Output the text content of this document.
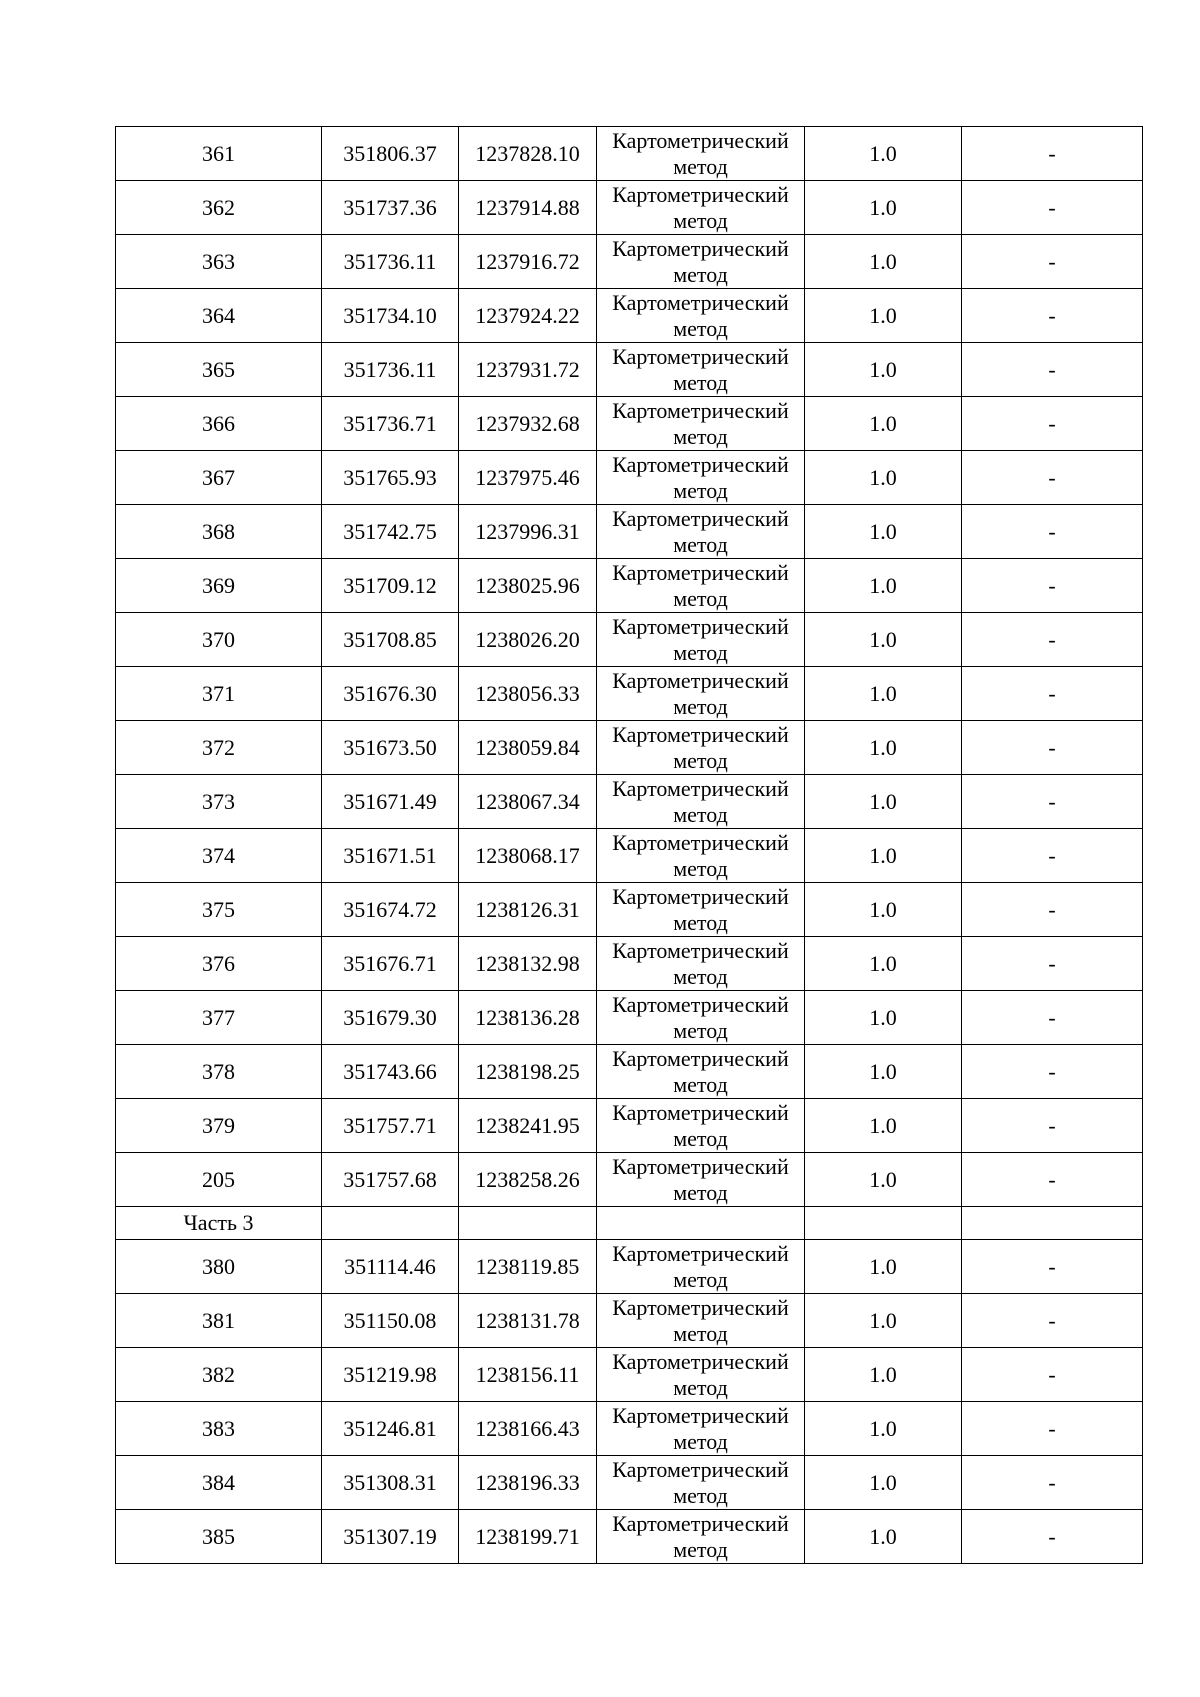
361	351806.37	1237828.10	Картометрический
метод	1.0	-
362	351737.36	1237914.88	Картометрический
метод	1.0	-
363	351736.11	1237916.72	Картометрический
метод	1.0	-
364	351734.10	1237924.22	Картометрический
метод	1.0	-
365	351736.11	1237931.72	Картометрический
метод	1.0	-
366	351736.71	1237932.68	Картометрический
метод	1.0	-
367	351765.93	1237975.46	Картометрический
метод	1.0	-
368	351742.75	1237996.31	Картометрический
метод	1.0	-
369	351709.12	1238025.96	Картометрический
метод	1.0	-
370	351708.85	1238026.20	Картометрический
метод	1.0	-
371	351676.30	1238056.33	Картометрический
метод	1.0	-
372	351673.50	1238059.84	Картометрический
метод	1.0	-
373	351671.49	1238067.34	Картометрический
метод	1.0	-
374	351671.51	1238068.17	Картометрический
метод	1.0	-
375	351674.72	1238126.31	Картометрический
метод	1.0	-
376	351676.71	1238132.98	Картометрический
метод	1.0	-
377	351679.30	1238136.28	Картометрический
метод	1.0	-
378	351743.66	1238198.25	Картометрический
метод	1.0	-
379	351757.71	1238241.95	Картометрический
метод	1.0	-
205	351757.68	1238258.26	Картометрический
метод	1.0	-
Часть 3					
380	351114.46	1238119.85	Картометрический
метод	1.0	-
381	351150.08	1238131.78	Картометрический
метод	1.0	-
382	351219.98	1238156.11	Картометрический
метод	1.0	-
383	351246.81	1238166.43	Картометрический
метод	1.0	-
384	351308.31	1238196.33	Картометрический
метод	1.0	-
385	351307.19	1238199.71	Картометрический
метод	1.0	-
